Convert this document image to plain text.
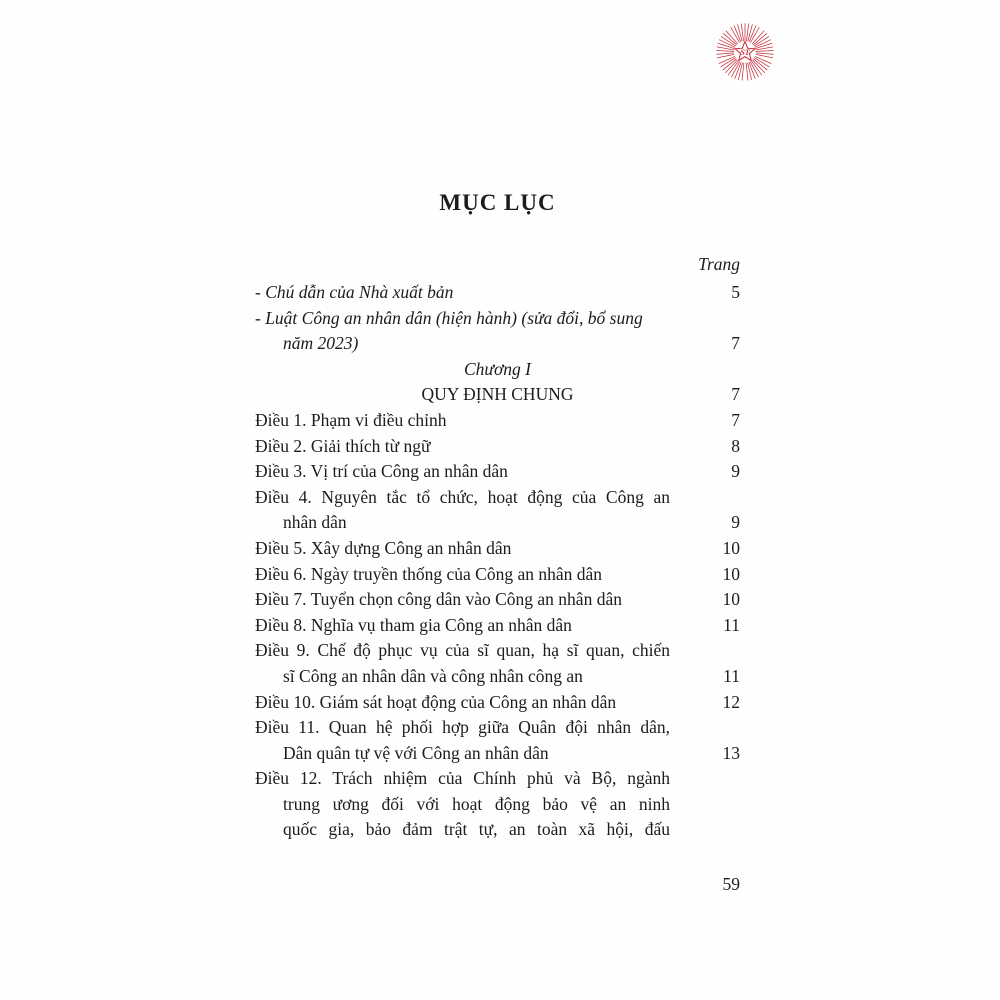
ST
MỤC LỤC
Trang
- Chú dẫn của Nhà xuất bản	5
- Luật Công an nhân dân (hiện hành) (sửa đổi, bổ sung
năm 2023)	7
Chương I
QUY ĐỊNH CHUNG	7
Điều 1. Phạm vi điều chỉnh	7
Điều 2. Giải thích từ ngữ	8
Điều 3. Vị trí của Công an nhân dân	9
Điều 4. Nguyên tắc tổ chức, hoạt động của Công an
nhân dân	9
Điều 5. Xây dựng Công an nhân dân	10
Điều 6. Ngày truyền thống của Công an nhân dân	10
Điều 7. Tuyển chọn công dân vào Công an nhân dân	10
Điều 8. Nghĩa vụ tham gia Công an nhân dân	11
Điều 9. Chế độ phục vụ của sĩ quan, hạ sĩ quan, chiến
sĩ Công an nhân dân và công nhân công an	11
Điều 10. Giám sát hoạt động của Công an nhân dân	12
Điều 11. Quan hệ phối hợp giữa Quân đội nhân dân,
Dân quân tự vệ với Công an nhân dân	13
Điều 12. Trách nhiệm của Chính phủ và Bộ, ngành
trung ương đối với hoạt động bảo vệ an ninh
quốc gia, bảo đảm trật tự, an toàn xã hội, đấu
59
